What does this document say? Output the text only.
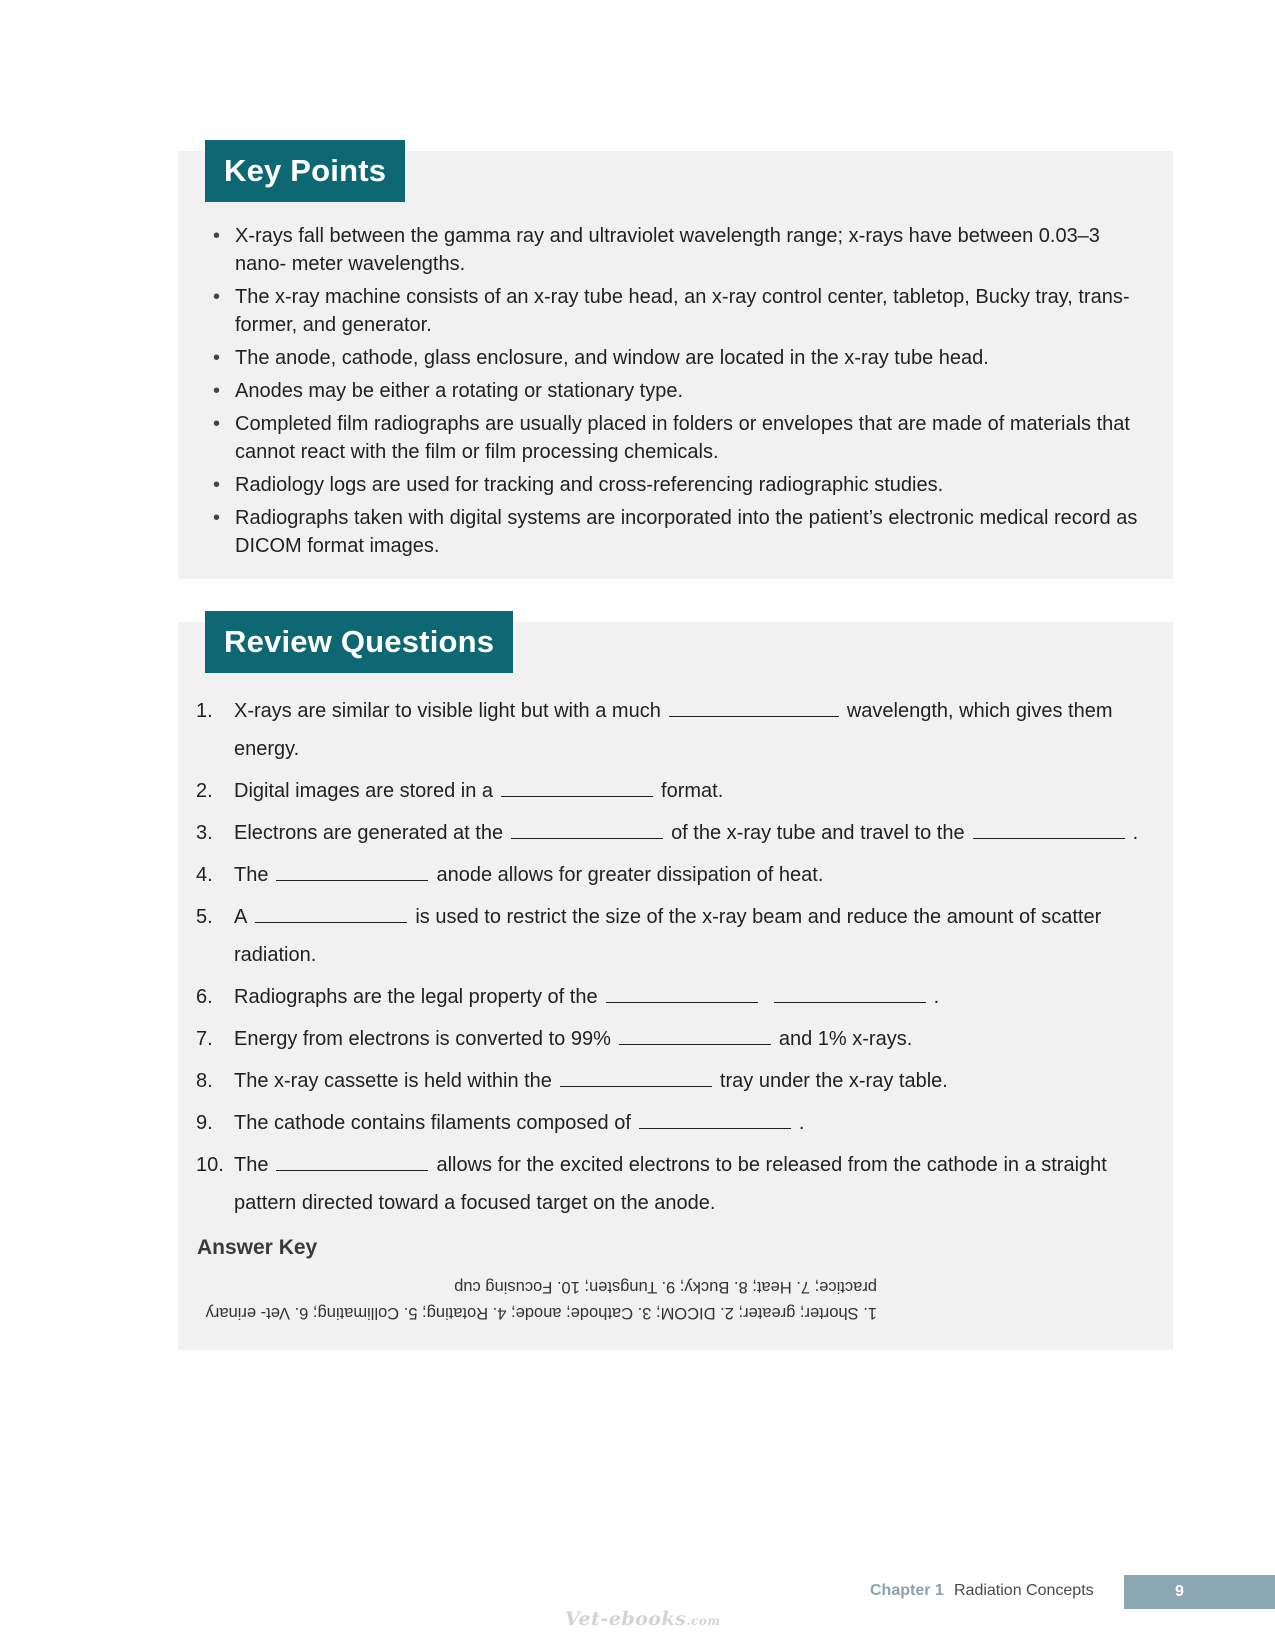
Key Points
• X-rays fall between the gamma ray and ultraviolet wavelength range; x-rays have between 0.03–3 nano- meter wavelengths.
• The x-ray machine consists of an x-ray tube head, an x-ray control center, tabletop, Bucky tray, trans- former, and generator.
• The anode, cathode, glass enclosure, and window are located in the x-ray tube head.
• Anodes may be either a rotating or stationary type.
• Completed film radiographs are usually placed in folders or envelopes that are made of materials that cannot react with the film or film processing chemicals.
• Radiology logs are used for tracking and cross-referencing radiographic studies.
• Radiographs taken with digital systems are incorporated into the patient’s electronic medical record as DICOM format images.
Review Questions
1. X-rays are similar to visible light but with a much	wavelength, which gives them energy.
2. Digital images are stored in a	format.
3. Electrons are generated at the	of the x-ray tube and travel to the	.
4. The	anode allows for greater dissipation of heat.
5. A	is used to restrict the size of the x-ray beam and reduce the amount of scatter radiation.
6. Radiographs are the legal property of the	.
7. Energy from electrons is converted to 99%	and 1% x-rays.
8. The x-ray cassette is held within the	tray under the x-ray table.
9. The cathode contains filaments composed of	.
10. The	allows for the excited electrons to be released from the cathode in a straight pattern directed toward a focused target on the anode.
Answer Key
1. Shorter; greater; 2. DICOM; 3. Cathode; anode; 4. Rotating; 5. Collimating; 6. Vet- erinary practice; 7. Heat; 8. Bucky; 9. Tungsten; 10. Focusing cup
Chapter 1 Radiation Concepts	9
Vet-ebooks.com
